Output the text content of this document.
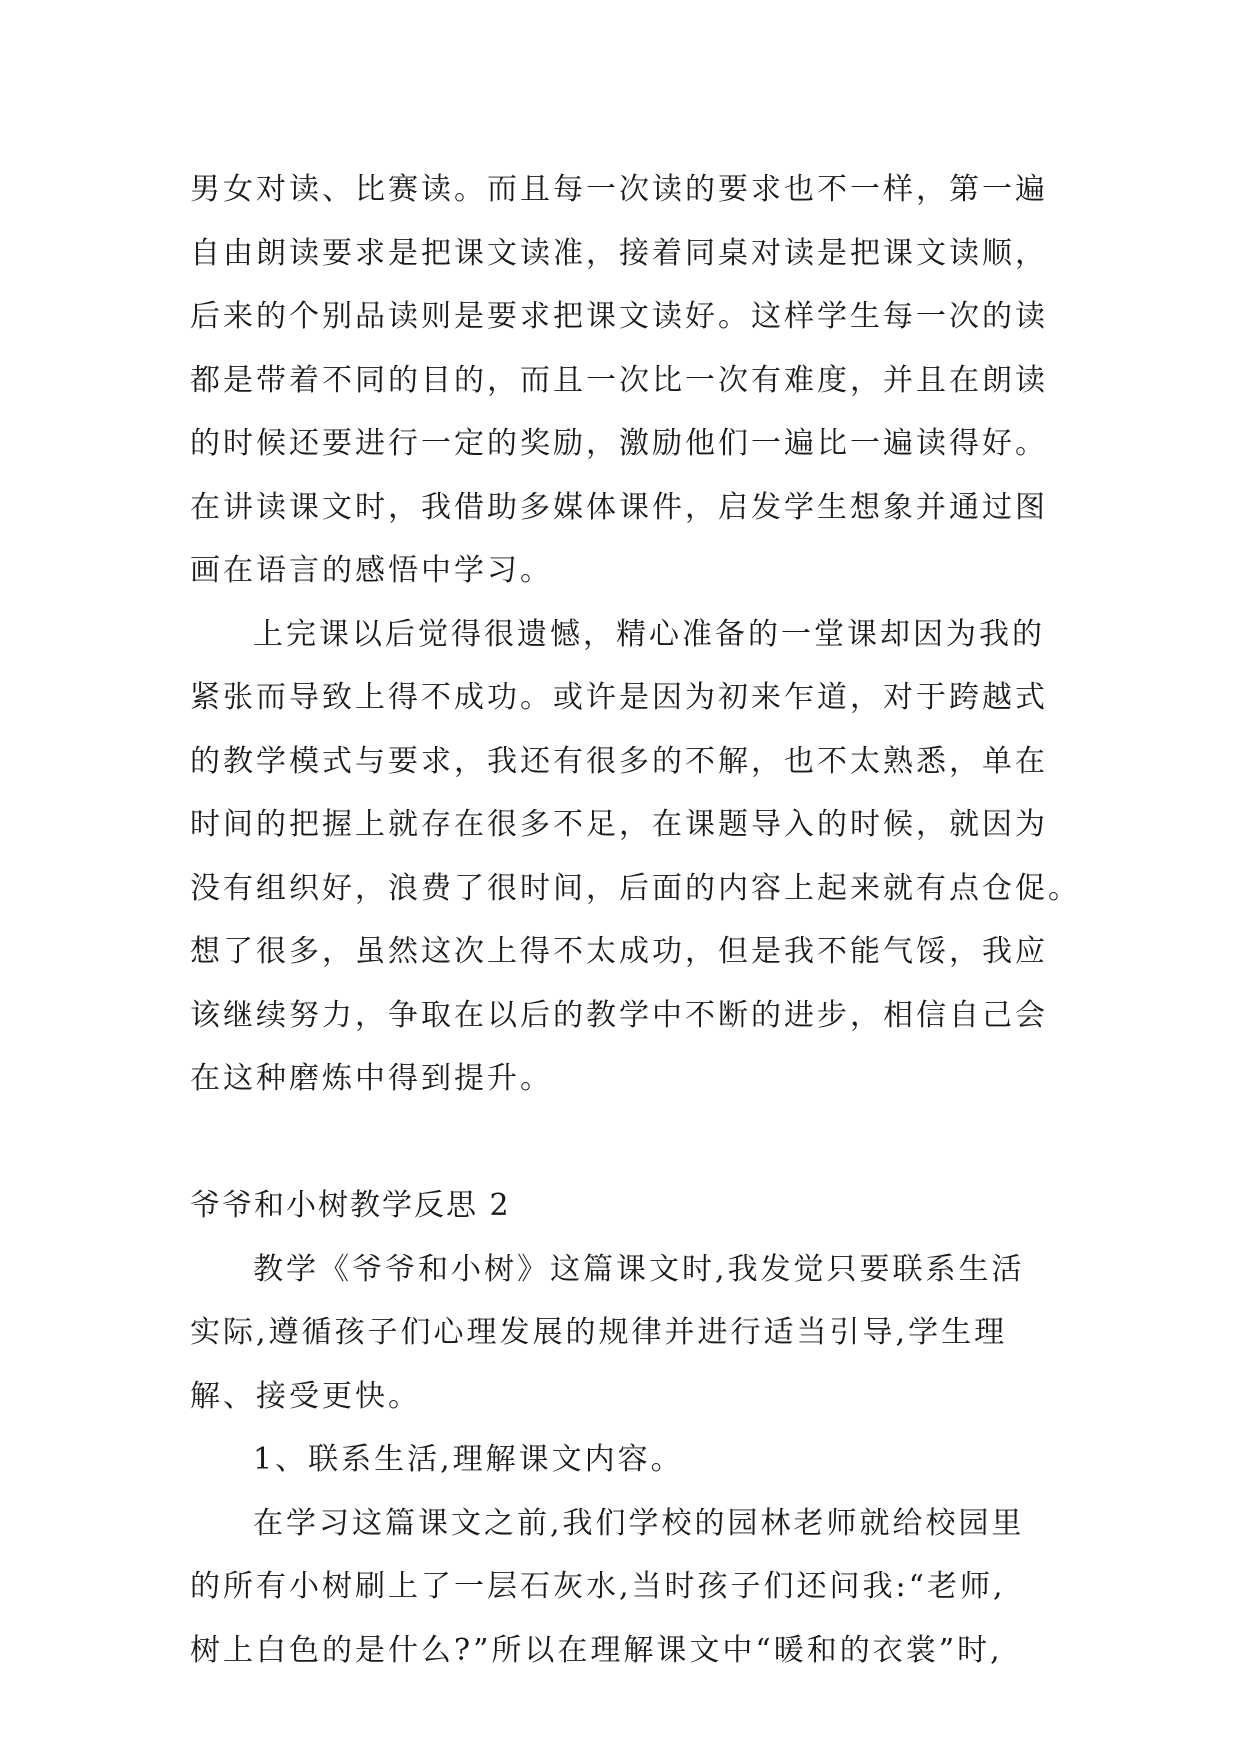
男女对读、比赛读。而且每一次读的要求也不一样，第一遍
自由朗读要求是把课文读准，接着同桌对读是把课文读顺，
后来的个别品读则是要求把课文读好。这样学生每一次的读
都是带着不同的目的，而且一次比一次有难度，并且在朗读
的时候还要进行一定的奖励，激励他们一遍比一遍读得好。
在讲读课文时，我借助多媒体课件，启发学生想象并通过图
画在语言的感悟中学习。
上完课以后觉得很遗憾，精心准备的一堂课却因为我的
紧张而导致上得不成功。或许是因为初来乍道，对于跨越式
的教学模式与要求，我还有很多的不解，也不太熟悉，单在
时间的把握上就存在很多不足，在课题导入的时候，就因为
没有组织好，浪费了很时间，后面的内容上起来就有点仓促。
想了很多，虽然这次上得不太成功，但是我不能气馁，我应
该继续努力，争取在以后的教学中不断的进步，相信自己会
在这种磨炼中得到提升。
爷爷和小树教学反思 2
教学《爷爷和小树》这篇课文时,我发觉只要联系生活
实际,遵循孩子们心理发展的规律并进行适当引导,学生理
解、接受更快。
1、联系生活,理解课文内容。
在学习这篇课文之前,我们学校的园林老师就给校园里
的所有小树刷上了一层石灰水,当时孩子们还问我:“老师,
树上白色的是什么?”所以在理解课文中“暖和的衣裳”时,
